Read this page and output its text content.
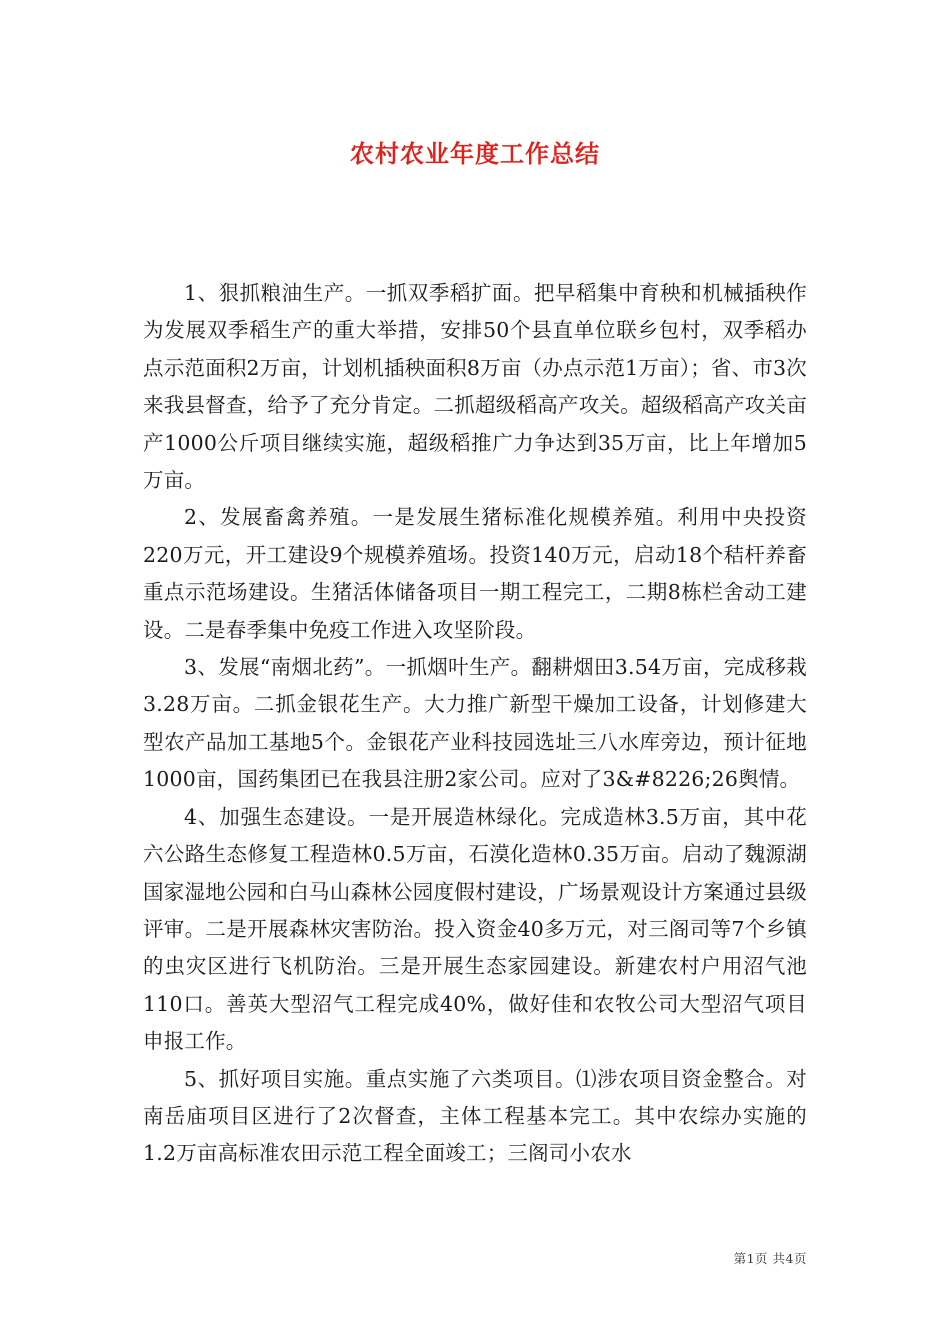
农村农业年度工作总结

1、狠抓粮油生产。一抓双季稻扩面。把早稻集中育秧和机械插秧作为发展双季稻生产的重大举措，安排50个县直单位联乡包村，双季稻办点示范面积2万亩，计划机插秧面积8万亩（办点示范1万亩）；省、市3次来我县督查，给予了充分肯定。二抓超级稻高产攻关。超级稻高产攻关亩产1000公斤项目继续实施，超级稻推广力争达到35万亩，比上年增加5万亩。

2、发展畜禽养殖。一是发展生猪标准化规模养殖。利用中央投资220万元，开工建设9个规模养殖场。投资140万元，启动18个秸杆养畜重点示范场建设。生猪活体储备项目一期工程完工，二期8栋栏舍动工建设。二是春季集中免疫工作进入攻坚阶段。

3、发展“南烟北药”。一抓烟叶生产。翻耕烟田3.54万亩，完成移栽3.28万亩。二抓金银花生产。大力推广新型干燥加工设备，计划修建大型农产品加工基地5个。金银花产业科技园选址三八水库旁边，预计征地1000亩，国药集团已在我县注册2家公司。应对了3&#8226;26舆情。

4、加强生态建设。一是开展造林绿化。完成造林3.5万亩，其中花六公路生态修复工程造林0.5万亩，石漠化造林0.35万亩。启动了魏源湖国家湿地公园和白马山森林公园度假村建设，广场景观设计方案通过县级评审。二是开展森林灾害防治。投入资金40多万元，对三阁司等7个乡镇的虫灾区进行飞机防治。三是开展生态家园建设。新建农村户用沼气池110口。善英大型沼气工程完成40%，做好佳和农牧公司大型沼气项目申报工作。

5、抓好项目实施。重点实施了六类项目。⑴涉农项目资金整合。对南岳庙项目区进行了2次督查，主体工程基本完工。其中农综办实施的1.2万亩高标准农田示范工程全面竣工；三阁司小农水

第1页 共4页
